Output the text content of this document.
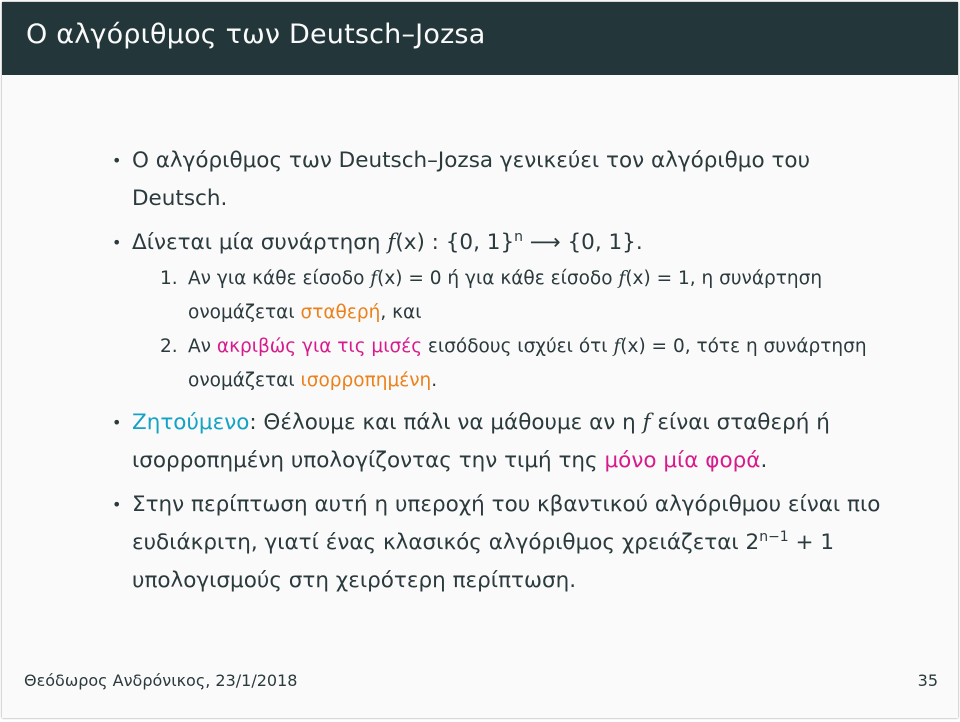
Ο αλγόριθμος των Deutsch–Jozsa
• Ο αλγόριθμος των Deutsch–Jozsa γενικεύει τον αλγόριθμο του Deutsch.
• Δίνεται μία συνάρτηση f(x) : {0, 1}$^n$ ⟶ {0, 1}.
1. Αν για κάθε είσοδο f(x) = 0 ή για κάθε είσοδο f(x) = 1, η συνάρτηση ονομάζεται σταθερή, και
2. Αν ακριβώς για τις μισές εισόδους ισχύει ότι f(x) = 0, τότε η συνάρτηση ονομάζεται ισορροπημένη.
• Ζητούμενο: Θέλουμε και πάλι να μάθουμε αν η f είναι σταθερή ή ισορροπημένη υπολογίζοντας την τιμή της μόνο μία φορά.
• Στην περίπτωση αυτή η υπεροχή του κβαντικού αλγόριθμου είναι πιο ευδιάκριτη, γιατί ένας κλασικός αλγόριθμος χρειάζεται $2^{n-1} + 1$ υπολογισμούς στη χειρότερη περίπτωση.
Θεόδωρος Ανδρόνικος, 23/1/2018	35
